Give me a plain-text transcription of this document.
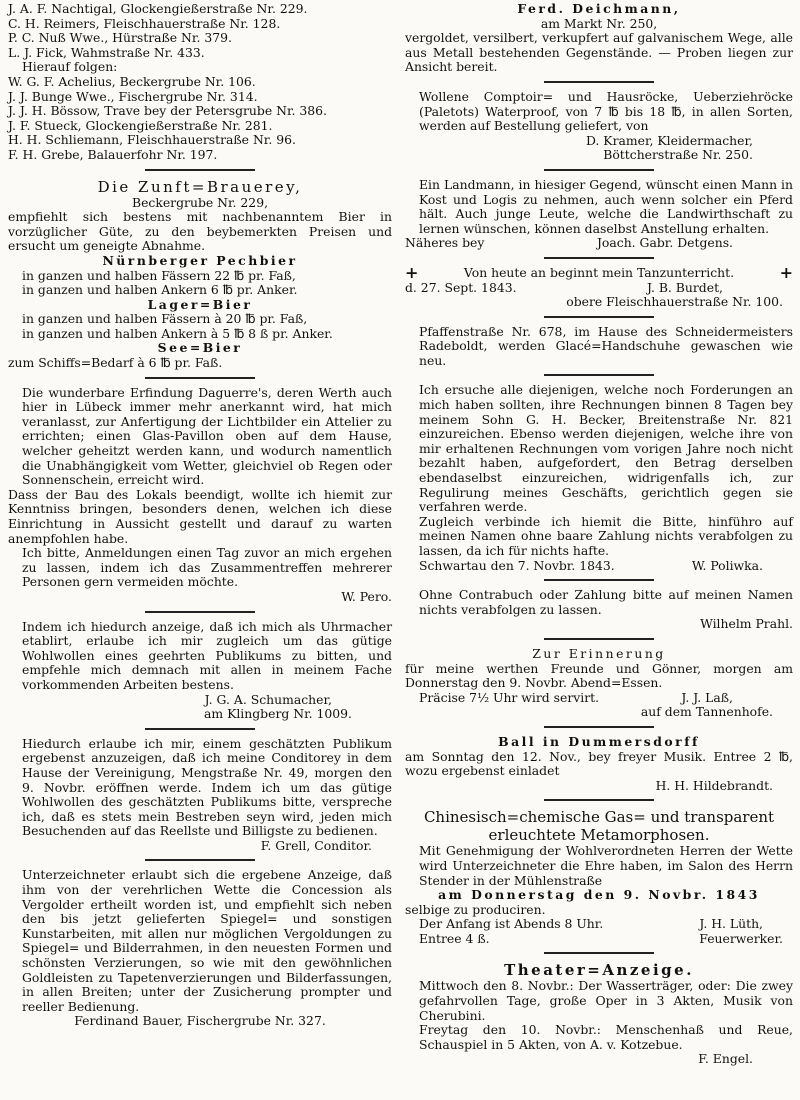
J. A. F. Nachtigal, Glockengießerstraße Nr. 229.

C. H. Reimers, Fleischhauerstraße Nr. 128.

P. C. Nuß Wwe., Hürstraße Nr. 379.

L. J. Fick, Wahmstraße Nr. 433.

Hierauf folgen:

W. G. F. Achelius, Beckergrube Nr. 106.

J. J. Bunge Wwe., Fischergrube Nr. 314.

J. J. H. Bössow, Trave bey der Petersgrube Nr. 386.

J. F. Stueck, Glockengießerstraße Nr. 281.

H. H. Schliemann, Fleischhauerstraße Nr. 96.

F. H. Grebe, Balauerfohr Nr. 197.

Die Zunft=Brauerey,

Beckergrube Nr. 229,

empfiehlt sich bestens mit nachbenanntem Bier in vorzüglicher Güte, zu den beybemerkten Preisen und ersucht um geneigte Abnahme.

Nürnberger Pechbier

in ganzen und halben Fässern 22 ℔ pr. Faß,

in ganzen und halben Ankern 6 ℔ pr. Anker.

Lager=Bier

in ganzen und halben Fässern à 20 ℔ pr. Faß,

in ganzen und halben Ankern à 5 ℔ 8 ß pr. Anker.

See=Bier

zum Schiffs=Bedarf à 6 ℔ pr. Faß.

Die wunderbare Erfindung Daguerre's, deren Werth auch hier in Lübeck immer mehr anerkannt wird, hat mich veranlasst, zur Anfertigung der Lichtbilder ein Attelier zu errichten; einen Glas-Pavillon oben auf dem Hause, welcher geheitzt werden kann, und wodurch namentlich die Unabhängigkeit vom Wetter, gleichviel ob Regen oder Sonnenschein, erreicht wird.

Dass der Bau des Lokals beendigt, wollte ich hiemit zur Kenntniss bringen, besonders denen, welchen ich diese Einrichtung in Aussicht gestellt und darauf zu warten anempfohlen habe.

Ich bitte, Anmeldungen einen Tag zuvor an mich ergehen zu lassen, indem ich das Zusammentreffen mehrerer Personen gern vermeiden möchte.

W. Pero.

Indem ich hiedurch anzeige, daß ich mich als Uhrmacher etablirt, erlaube ich mir zugleich um das gütige Wohlwollen eines geehrten Publikums zu bitten, und empfehle mich demnach mit allen in meinem Fache vorkommenden Arbeiten bestens.

J. G. A. Schumacher,

am Klingberg Nr. 1009.

Hiedurch erlaube ich mir, einem geschätzten Publikum ergebenst anzuzeigen, daß ich meine Conditorey in dem Hause der Vereinigung, Mengstraße Nr. 49, morgen den 9. Novbr. eröffnen werde. Indem ich um das gütige Wohlwollen des geschätzten Publikums bitte, verspreche ich, daß es stets mein Bestreben seyn wird, jeden mich Besuchenden auf das Reellste und Billigste zu bedienen.

F. Grell, Conditor.

Unterzeichneter erlaubt sich die ergebene Anzeige, daß ihm von der verehrlichen Wette die Concession als Vergolder ertheilt worden ist, und empfiehlt sich neben den bis jetzt gelieferten Spiegel= und sonstigen Kunstarbeiten, mit allen nur möglichen Vergoldungen zu Spiegel= und Bilderrahmen, in den neuesten Formen und schönsten Verzierungen, so wie mit den gewöhnlichen Goldleisten zu Tapetenverzierungen und Bilderfassungen, in allen Breiten; unter der Zusicherung prompter und reeller Bedienung.

Ferdinand Bauer, Fischergrube Nr. 327.

Ferd. Deichmann,

am Markt Nr. 250,

vergoldet, versilbert, verkupfert auf galvanischem Wege, alle aus Metall bestehenden Gegenstände. — Proben liegen zur Ansicht bereit.

Wollene Comptoir= und Hausröcke, Ueberziehröcke (Paletots) Waterproof, von 7 ℔ bis 18 ℔, in allen Sorten, werden auf Bestellung geliefert, von

D. Kramer, Kleidermacher,

Böttcherstraße Nr. 250.

Ein Landmann, in hiesiger Gegend, wünscht einen Mann in Kost und Logis zu nehmen, auch wenn solcher ein Pferd hält. Auch junge Leute, welche die Landwirthschaft zu lernen wünschen, können daselbst Anstellung erhalten.

Näheres bey	Joach. Gabr. Detgens.
+	Von heute an beginnt mein Tanzunterricht.	+
d. 27. Sept. 1843.	J. B. Burdet,

obere Fleischhauerstraße Nr. 100.

Pfaffenstraße Nr. 678, im Hause des Schneidermeisters Radeboldt, werden Glacé=Handschuhe gewaschen wie neu.

Ich ersuche alle diejenigen, welche noch Forderungen an mich haben sollten, ihre Rechnungen binnen 8 Tagen bey meinem Sohn G. H. Becker, Breitenstraße Nr. 821 einzureichen. Ebenso werden diejenigen, welche ihre von mir erhaltenen Rechnungen vom vorigen Jahre noch nicht bezahlt haben, aufgefordert, den Betrag derselben ebendaselbst einzureichen, widrigenfalls ich, zur Regulirung meines Geschäfts, gerichtlich gegen sie verfahren werde.

Zugleich verbinde ich hiemit die Bitte, hinführo auf meinen Namen ohne baare Zahlung nichts verabfolgen zu lassen, da ich für nichts hafte.

Schwartau den 7. Novbr. 1843.	W. Poliwka.

Ohne Contrabuch oder Zahlung bitte auf meinen Namen nichts verabfolgen zu lassen.

Wilhelm Prahl.

Zur Erinnerung

für meine werthen Freunde und Gönner, morgen am Donnerstag den 9. Novbr. Abend=Essen.

Präcise 7½ Uhr wird servirt.	J. J. Laß,

auf dem Tannenhofe.

Ball in Dummersdorff

am Sonntag den 12. Nov., bey freyer Musik. Entree 2 ℔, wozu ergebenst einladet

H. H. Hildebrandt.

Chinesisch=chemische Gas= und transparent erleuchtete Metamorphosen.

Mit Genehmigung der Wohlverordneten Herren der Wette wird Unterzeichneter die Ehre haben, im Salon des Herrn Stender in der Mühlenstraße

am Donnerstag den 9. Novbr. 1843

selbige zu produciren.

Der Anfang ist Abends 8 Uhr.	J. H. Lüth,
Entree 4 ß.	Feuerwerker.

Theater=Anzeige.

Mittwoch den 8. Novbr.: Der Wasserträger, oder: Die zwey gefahrvollen Tage, große Oper in 3 Akten, Musik von Cherubini.

Freytag den 10. Novbr.: Menschenhaß und Reue, Schauspiel in 5 Akten, von A. v. Kotzebue.

F. Engel.
